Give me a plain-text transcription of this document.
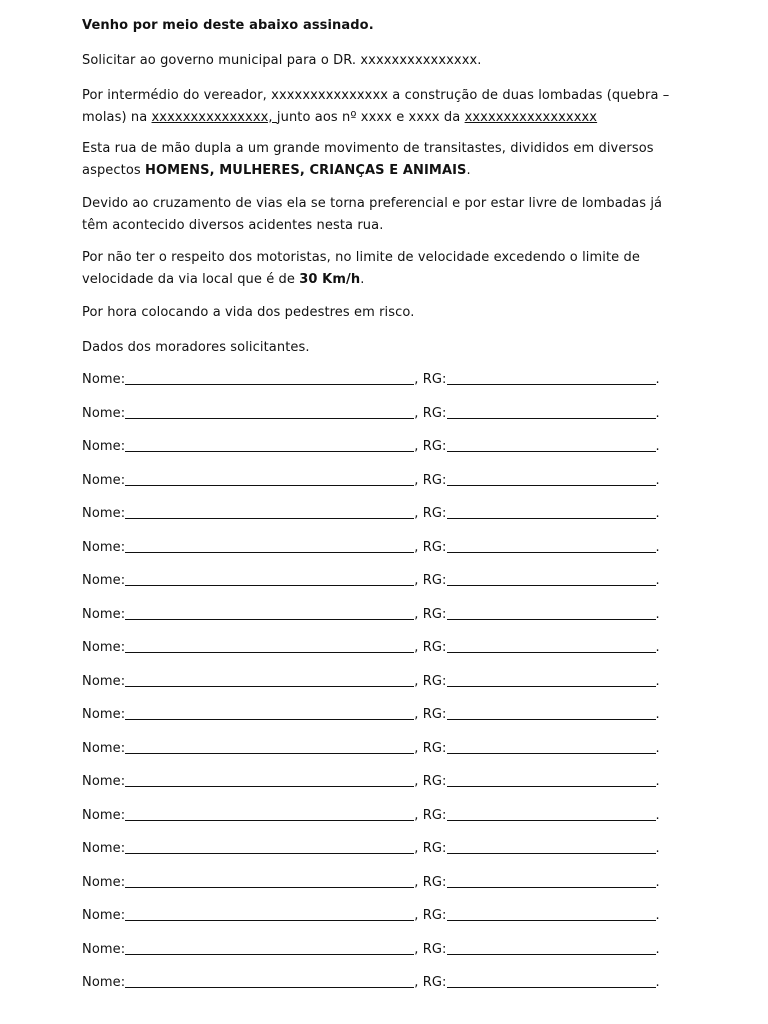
Venho por meio deste abaixo assinado.

Solicitar ao governo municipal para o DR. xxxxxxxxxxxxxxx.

Por intermédio do vereador, xxxxxxxxxxxxxxx a construção de duas lombadas (quebra –
molas) na xxxxxxxxxxxxxxx, junto aos nº xxxx e xxxx da xxxxxxxxxxxxxxxxx
Esta rua de mão dupla a um grande movimento de transitastes, divididos em diversos
aspectos HOMENS, MULHERES, CRIANÇAS E ANIMAIS.
Devido ao cruzamento de vias ela se torna preferencial e por estar livre de lombadas já
têm acontecido diversos acidentes nesta rua.
Por não ter o respeito dos motoristas, no limite de velocidade excedendo o limite de
velocidade da via local que é de 30 Km/h.

Por hora colocando a vida dos pedestres em risco.

Dados dos moradores solicitantes.

Nome:	, RG:	.
Nome:	, RG:	.
Nome:	, RG:	.
Nome:	, RG:	.
Nome:	, RG:	.
Nome:	, RG:	.
Nome:	, RG:	.
Nome:	, RG:	.
Nome:	, RG:	.
Nome:	, RG:	.
Nome:	, RG:	.
Nome:	, RG:	.
Nome:	, RG:	.
Nome:	, RG:	.
Nome:	, RG:	.
Nome:	, RG:	.
Nome:	, RG:	.
Nome:	, RG:	.
Nome:	, RG:	.
